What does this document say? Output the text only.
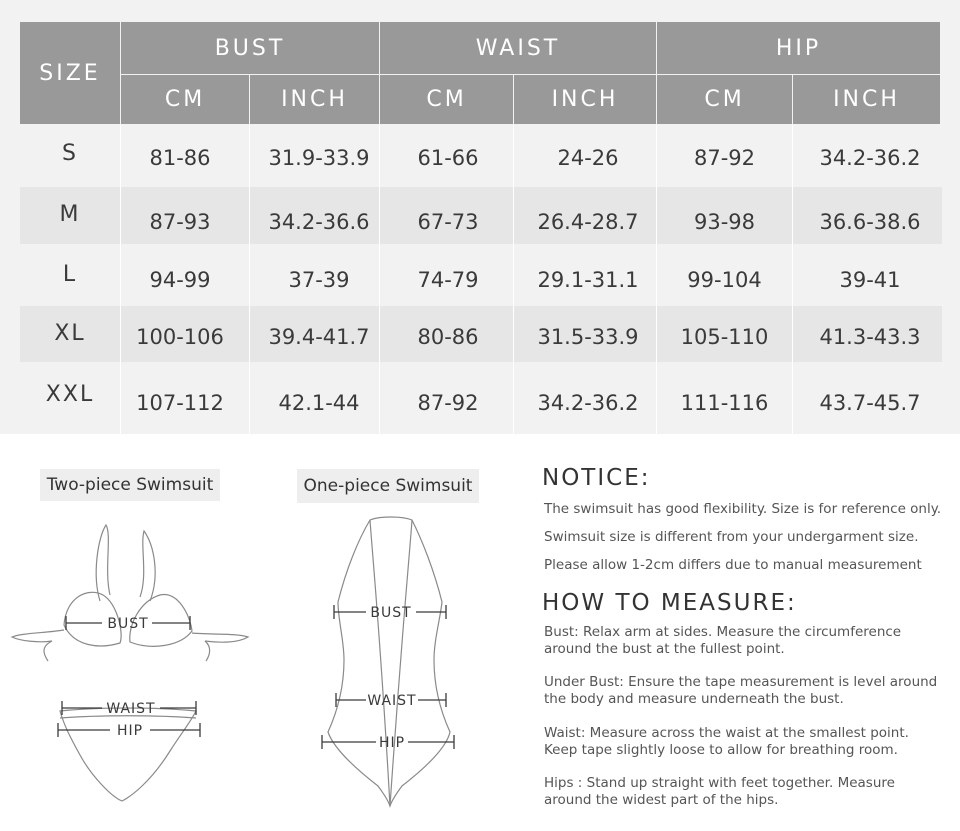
SIZE
BUST	WAIST	HIP
CM	INCH	CM	INCH	CM	INCH
S	81-86	31.9-33.9	61-66	24-26	87-92	34.2-36.2
M	87-93	34.2-36.6	67-73	26.4-28.7	93-98	36.6-38.6
L	94-99	37-39	74-79	29.1-31.1	99-104	39-41
XL	100-106	39.4-41.7	80-86	31.5-33.9	105-110	41.3-43.3
XXL	107-112	42.1-44	87-92	34.2-36.2	111-116	43.7-45.7
Two-piece Swimsuit	One-piece Swimsuit
BUST
WAIST
HIP
BUST
WAIST
HIP
NOTICE:
The swimsuit has good flexibility. Size is for reference only.
Swimsuit size is different from your undergarment size.
Please allow 1-2cm differs due to manual measurement
HOW TO MEASURE:
Bust: Relax arm at sides. Measure the circumference around the bust at the fullest point.
Under Bust: Ensure the tape measurement is level around the body and measure underneath the bust.
Waist: Measure across the waist at the smallest point. Keep tape slightly loose to allow for breathing room.
Hips : Stand up straight with feet together. Measure around the widest part of the hips.
